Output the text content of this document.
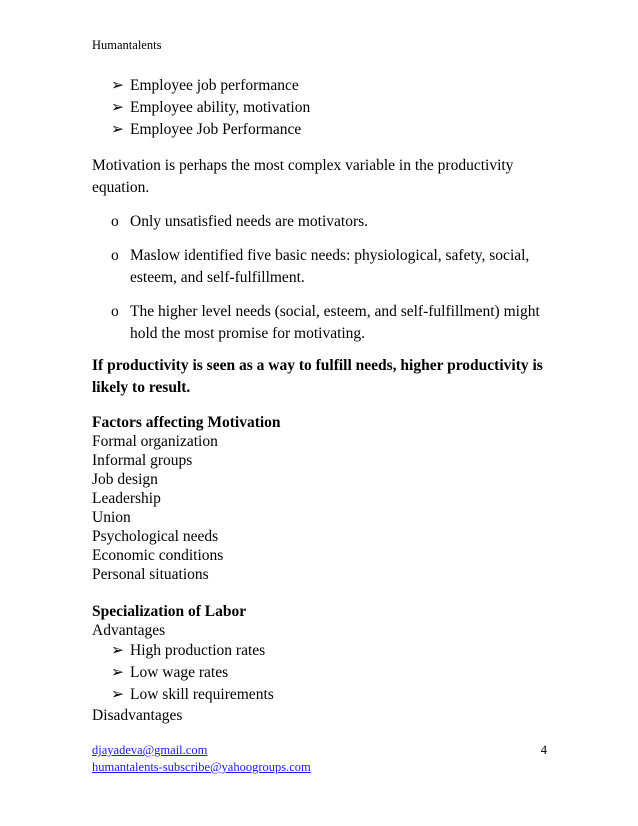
Humantalents
➢ Employee job performance
➢ Employee ability, motivation
➢ Employee Job Performance

Motivation is perhaps the most complex variable in the productivity equation.

o Only unsatisfied needs are motivators.
o Maslow identified five basic needs: physiological, safety, social, esteem, and self-fulfillment.
o The higher level needs (social, esteem, and self-fulfillment) might hold the most promise for motivating.

If productivity is seen as a way to fulfill needs, higher productivity is likely to result.

Factors affecting Motivation
Formal organization
Informal groups
Job design
Leadership
Union
Psychological needs
Economic conditions
Personal situations
Specialization of Labor
Advantages
➢ High production rates
➢ Low wage rates
➢ Low skill requirements
Disadvantages
djayadeva@gmail.com
humantalents-subscribe@yahoogroups.com
4
